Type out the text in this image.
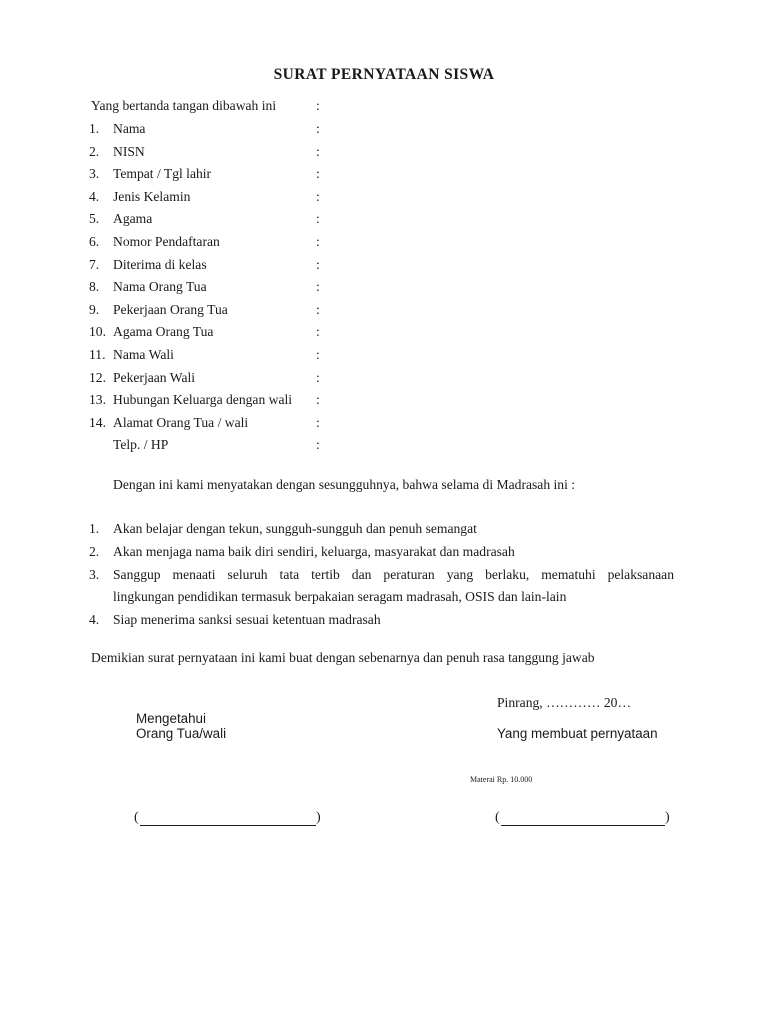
SURAT PERNYATAAN SISWA
Yang bertanda tangan dibawah ini	:
1.	Nama	:
2.	NISN	:
3.	Tempat / Tgl lahir	:
4.	Jenis Kelamin	:
5.	Agama	:
6.	Nomor Pendaftaran	:
7.	Diterima di kelas	:
8.	Nama Orang Tua	:
9.	Pekerjaan Orang Tua	:
10. Agama Orang Tua	:
11. Nama Wali	:
12. Pekerjaan Wali	:
13. Hubungan Keluarga dengan wali :
14. Alamat Orang Tua / wali	:
Telp. / HP	:
Dengan ini kami menyatakan dengan sesungguhnya, bahwa selama di Madrasah ini :
1. Akan belajar dengan tekun, sungguh-sungguh dan penuh semangat
2. Akan menjaga nama baik diri sendiri, keluarga, masyarakat dan madrasah
3. Sanggup menaati seluruh tata tertib dan peraturan yang berlaku, mematuhi pelaksanaan
lingkungan pendidikan termasuk berpakaian seragam madrasah, OSIS dan lain-lain
4. Siap menerima sanksi sesuai ketentuan madrasah
Demikian surat pernyataan ini kami buat dengan sebenarnya dan penuh rasa tanggung jawab
Pinrang, ………… 20…
Mengetahui
Orang Tua/wali	Yang membuat pernyataan
Materai Rp. 10.000
(	)	(	)
